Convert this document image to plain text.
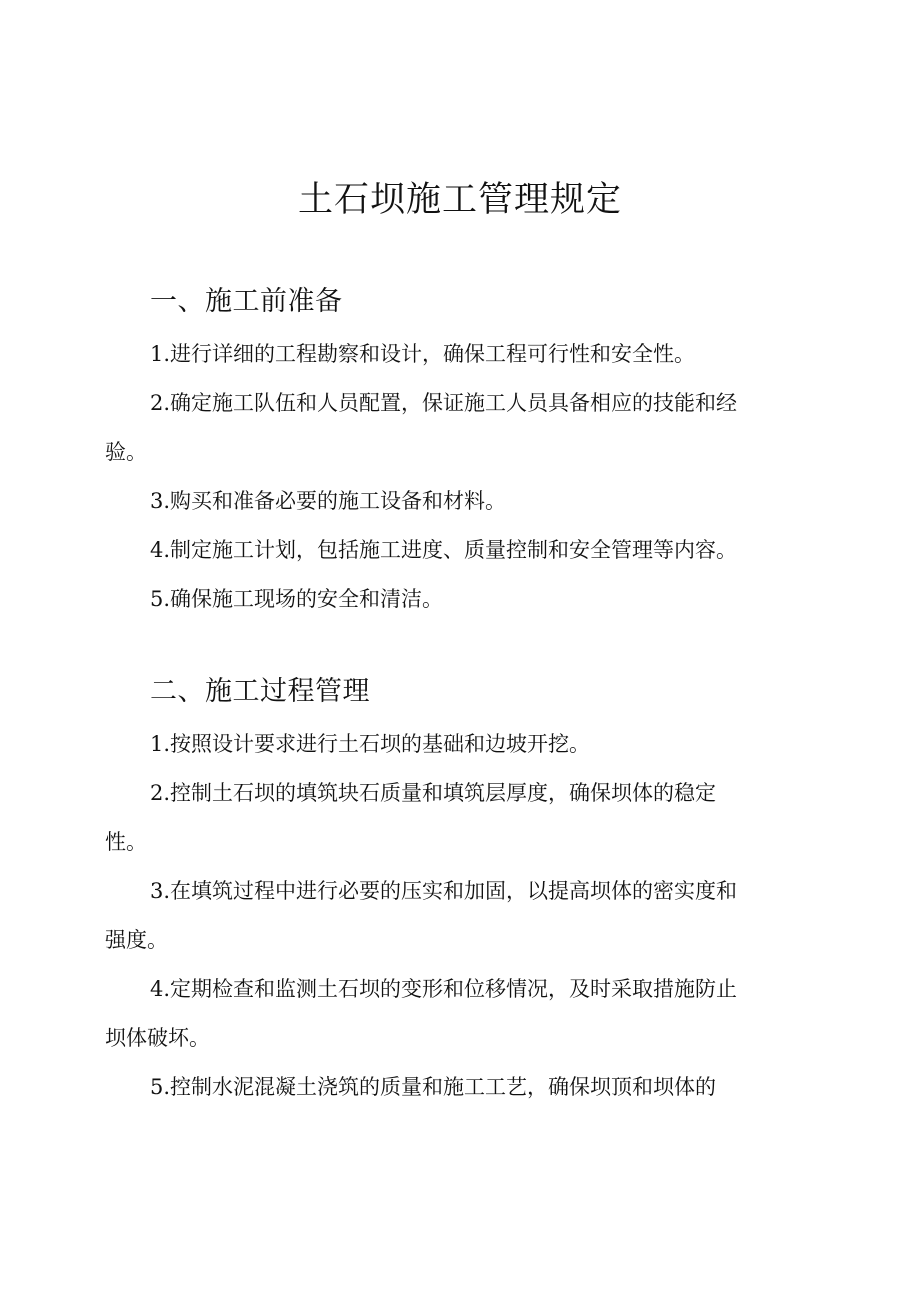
土石坝施工管理规定
一、施工前准备
1.进行详细的工程勘察和设计，确保工程可行性和安全性。
2.确定施工队伍和人员配置，保证施工人员具备相应的技能和经
验。
3.购买和准备必要的施工设备和材料。
4.制定施工计划，包括施工进度、质量控制和安全管理等内容。
5.确保施工现场的安全和清洁。
二、施工过程管理
1.按照设计要求进行土石坝的基础和边坡开挖。
2.控制土石坝的填筑块石质量和填筑层厚度，确保坝体的稳定
性。
3.在填筑过程中进行必要的压实和加固，以提高坝体的密实度和
强度。
4.定期检查和监测土石坝的变形和位移情况，及时采取措施防止
坝体破坏。
5.控制水泥混凝土浇筑的质量和施工工艺，确保坝顶和坝体的
